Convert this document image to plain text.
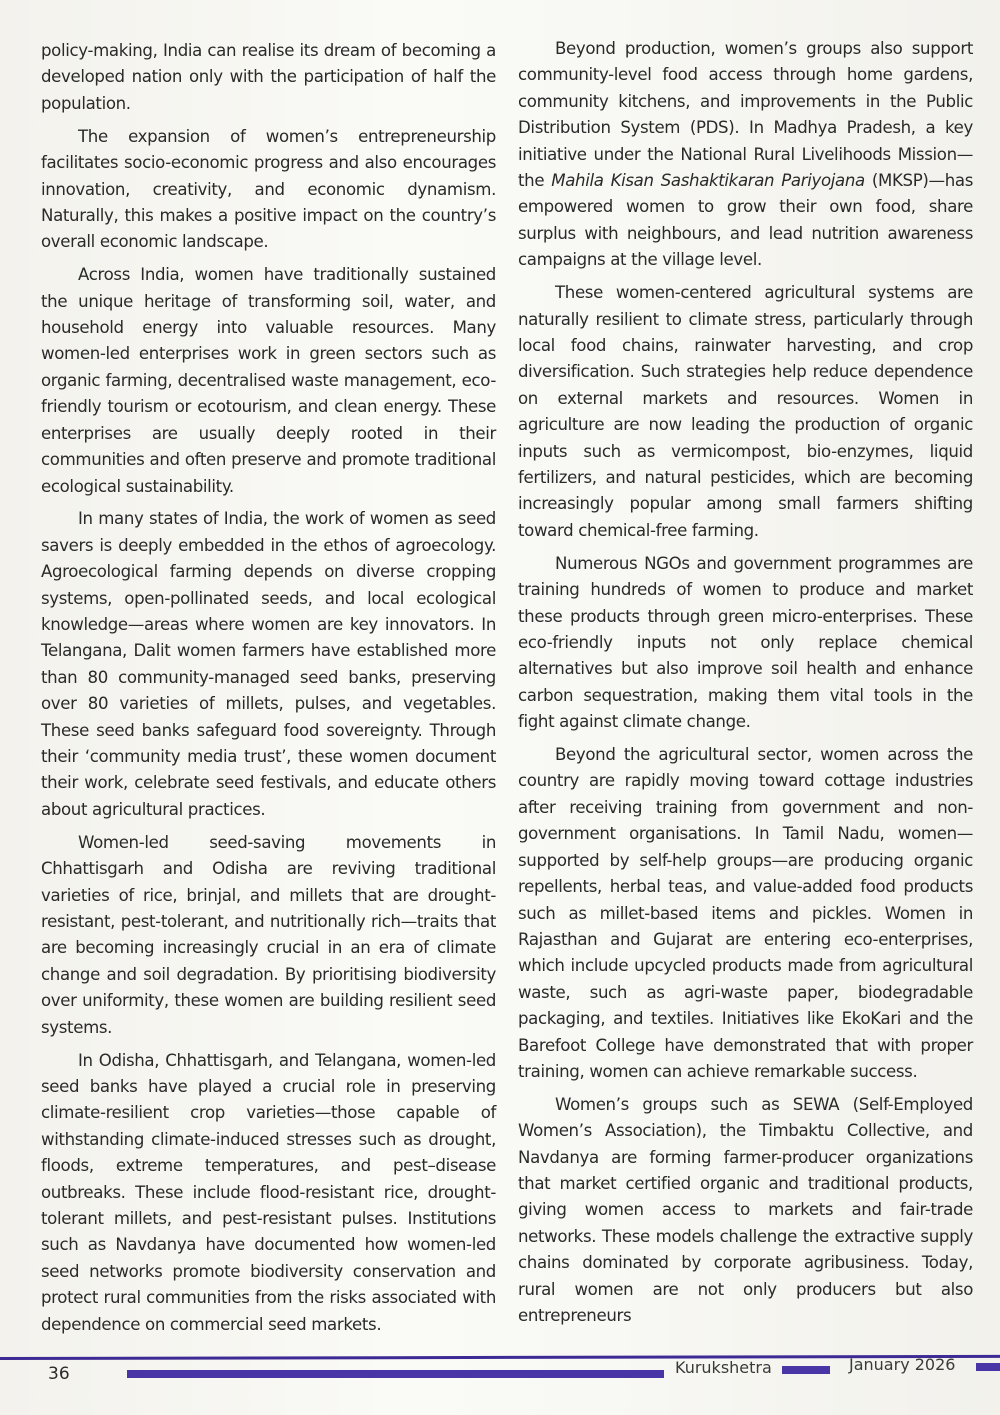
policy-making, India can realise its dream of becoming a developed nation only with the participation of half the population.

The expansion of women’s entrepreneurship facilitates socio-economic progress and also encourages innovation, creativity, and economic dynamism. Naturally, this makes a positive impact on the country’s overall economic landscape.

Across India, women have traditionally sustained the unique heritage of transforming soil, water, and household energy into valuable resources. Many women-led enterprises work in green sectors such as organic farming, decentralised waste management, eco-friendly tourism or ecotourism, and clean energy. These enterprises are usually deeply rooted in their communities and often preserve and promote traditional ecological sustainability.

In many states of India, the work of women as seed savers is deeply embedded in the ethos of agroecology. Agroecological farming depends on diverse cropping systems, open-pollinated seeds, and local ecological knowledge—areas where women are key innovators. In Telangana, Dalit women farmers have established more than 80 community-managed seed banks, preserving over 80 varieties of millets, pulses, and vegetables. These seed banks safeguard food sovereignty. Through their ‘community media trust’, these women document their work, celebrate seed festivals, and educate others about agricultural practices.

Women-led seed-saving movements in Chhattisgarh and Odisha are reviving traditional varieties of rice, brinjal, and millets that are drought-resistant, pest-tolerant, and nutritionally rich—traits that are becoming increasingly crucial in an era of climate change and soil degradation. By prioritising biodiversity over uniformity, these women are building resilient seed systems.

In Odisha, Chhattisgarh, and Telangana, women-led seed banks have played a crucial role in preserving climate-resilient crop varieties—those capable of withstanding climate-induced stresses such as drought, floods, extreme temperatures, and pest–disease outbreaks. These include flood-resistant rice, drought-tolerant millets, and pest-resistant pulses. Institutions such as Navdanya have documented how women-led seed networks promote biodiversity conservation and protect rural communities from the risks associated with dependence on commercial seed markets.

Beyond production, women’s groups also support community-level food access through home gardens, community kitchens, and improvements in the Public Distribution System (PDS). In Madhya Pradesh, a key initiative under the National Rural Livelihoods Mission—the Mahila Kisan Sashaktikaran Pariyojana (MKSP)—has empowered women to grow their own food, share surplus with neighbours, and lead nutrition awareness campaigns at the village level.

These women-centered agricultural systems are naturally resilient to climate stress, particularly through local food chains, rainwater harvesting, and crop diversification. Such strategies help reduce dependence on external markets and resources. Women in agriculture are now leading the production of organic inputs such as vermicompost, bio-enzymes, liquid fertilizers, and natural pesticides, which are becoming increasingly popular among small farmers shifting toward chemical-free farming.

Numerous NGOs and government programmes are training hundreds of women to produce and market these products through green micro-enterprises. These eco-friendly inputs not only replace chemical alternatives but also improve soil health and enhance carbon sequestration, making them vital tools in the fight against climate change.

Beyond the agricultural sector, women across the country are rapidly moving toward cottage industries after receiving training from government and non-government organisations. In Tamil Nadu, women—supported by self-help groups—are producing organic repellents, herbal teas, and value-added food products such as millet-based items and pickles. Women in Rajasthan and Gujarat are entering eco-enterprises, which include upcycled products made from agricultural waste, such as agri-waste paper, biodegradable packaging, and textiles. Initiatives like EkoKari and the Barefoot College have demonstrated that with proper training, women can achieve remarkable success.

Women’s groups such as SEWA (Self-Employed Women’s Association), the Timbaktu Collective, and Navdanya are forming farmer-producer organizations that market certified organic and traditional products, giving women access to markets and fair-trade networks. These models challenge the extractive supply chains dominated by corporate agribusiness. Today, rural women are not only producers but also entrepreneurs

36	Kurukshetra	January 2026
